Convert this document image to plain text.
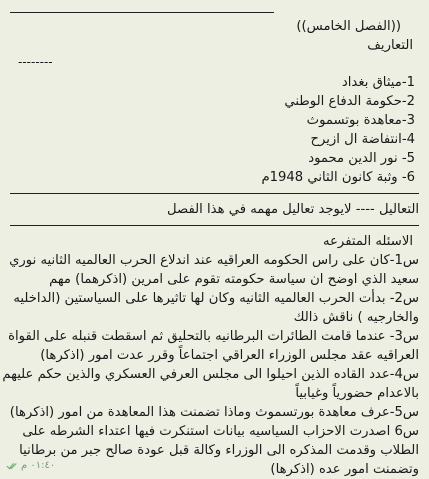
((الفصل الخامس))
التعاريف
--------
1-ميثاق بغداد
2-حكومة الدفاع الوطني
3-معاهدة بوتسموث
4-انتفاضة ال ازيرح
5- نور الدين محمود
6- وثبة كانون الثاني 1948م
التعاليل ---- لايوجد تعاليل مهمه في هذا الفصل
الاسئله المتفرعه
س1-كان على راس الحكومه العراقيه عند اندلاع الحرب العالميه الثانيه نوري
سعيد الذي اوضح ان سياسة حكومته تقوم على امرين (اذكرهما) مهم
س2- بدأت الحرب العالميه الثانيه وكان لها تاثيرها على السياستين (الداخليه
والخارجيه ) ناقش ذالك
س3- عندما قامت الطائرات البرطانيه بالتحليق ثم اسقطت قنبله على القواة
العراقيه عقد مجلس الوزراء العراقي اجتماعاً وقرر عدت امور (اذكرها)
س4-عدد القاده الذين احيلوا الى مجلس العرفي العسكري والذين حكم عليهم
بالاعدام حضورياً وغيابياً
س5-عرف معاهدة بورتسموث وماذا تضمنت هذا المعاهدة من امور (اذكرها)
س6 اصدرت الاحزاب السياسيه بيانات استنكرت فيها اعتداء الشرطه على
الطلاب وقدمت المذكره الى الوزراء وكالة قبل عودة صالح جبر من برطانيا
وتضمنت امور عده (اذكرها)
٠١:٤٠ م
